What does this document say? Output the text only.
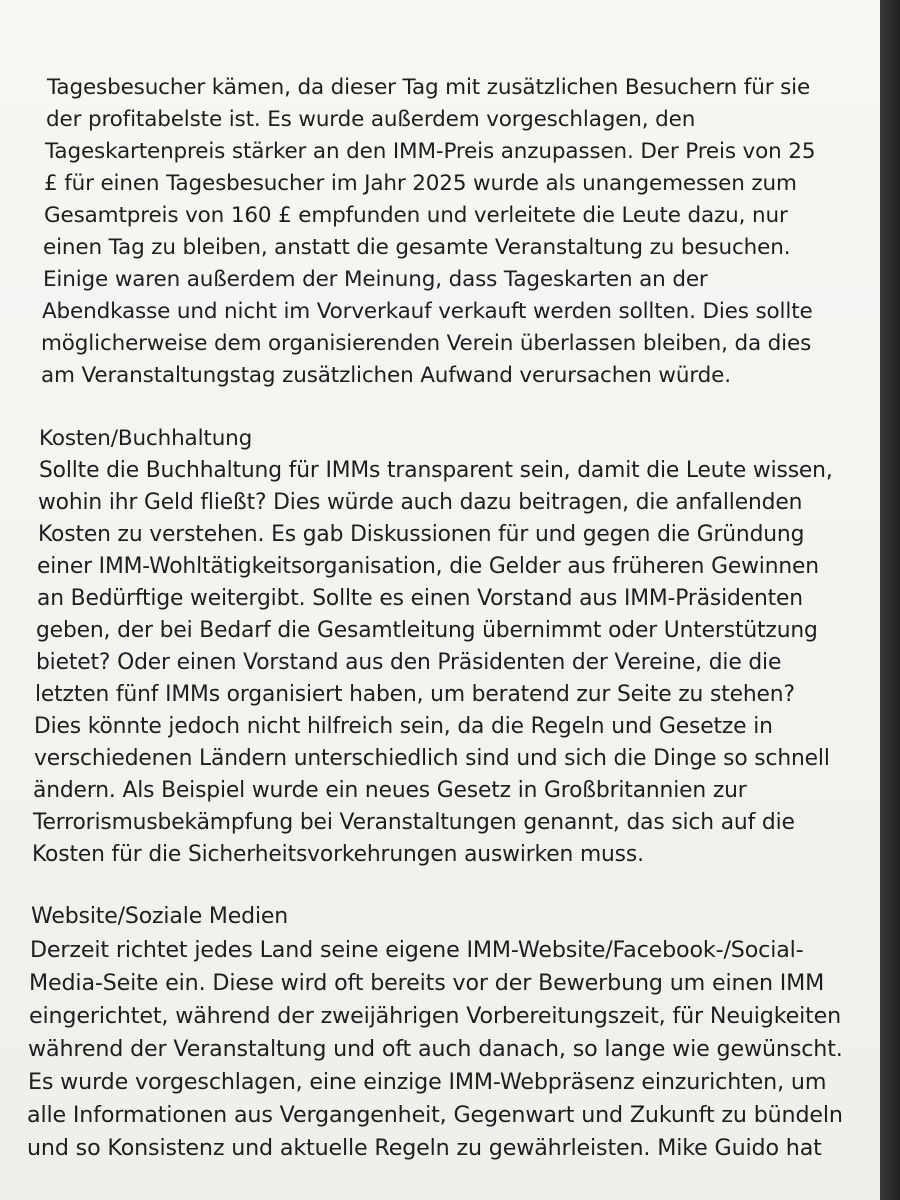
Tagesbesucher kämen, da dieser Tag mit zusätzlichen Besuchern für sie
der profitabelste ist. Es wurde außerdem vorgeschlagen, den
Tageskartenpreis stärker an den IMM-Preis anzupassen. Der Preis von 25
£ für einen Tagesbesucher im Jahr 2025 wurde als unangemessen zum
Gesamtpreis von 160 £ empfunden und verleitete die Leute dazu, nur
einen Tag zu bleiben, anstatt die gesamte Veranstaltung zu besuchen.
Einige waren außerdem der Meinung, dass Tageskarten an der
Abendkasse und nicht im Vorverkauf verkauft werden sollten. Dies sollte
möglicherweise dem organisierenden Verein überlassen bleiben, da dies
am Veranstaltungstag zusätzlichen Aufwand verursachen würde.
Kosten/Buchhaltung
Sollte die Buchhaltung für IMMs transparent sein, damit die Leute wissen,
wohin ihr Geld fließt? Dies würde auch dazu beitragen, die anfallenden
Kosten zu verstehen. Es gab Diskussionen für und gegen die Gründung
einer IMM-Wohltätigkeitsorganisation, die Gelder aus früheren Gewinnen
an Bedürftige weitergibt. Sollte es einen Vorstand aus IMM-Präsidenten
geben, der bei Bedarf die Gesamtleitung übernimmt oder Unterstützung
bietet? Oder einen Vorstand aus den Präsidenten der Vereine, die die
letzten fünf IMMs organisiert haben, um beratend zur Seite zu stehen?
Dies könnte jedoch nicht hilfreich sein, da die Regeln und Gesetze in
verschiedenen Ländern unterschiedlich sind und sich die Dinge so schnell
ändern. Als Beispiel wurde ein neues Gesetz in Großbritannien zur
Terrorismusbekämpfung bei Veranstaltungen genannt, das sich auf die
Kosten für die Sicherheitsvorkehrungen auswirken muss.
Website/Soziale Medien
Derzeit richtet jedes Land seine eigene IMM-Website/Facebook-/Social-
Media-Seite ein. Diese wird oft bereits vor der Bewerbung um einen IMM
eingerichtet, während der zweijährigen Vorbereitungszeit, für Neuigkeiten
während der Veranstaltung und oft auch danach, so lange wie gewünscht.
Es wurde vorgeschlagen, eine einzige IMM-Webpräsenz einzurichten, um
alle Informationen aus Vergangenheit, Gegenwart und Zukunft zu bündeln
und so Konsistenz und aktuelle Regeln zu gewährleisten. Mike Guido hat
